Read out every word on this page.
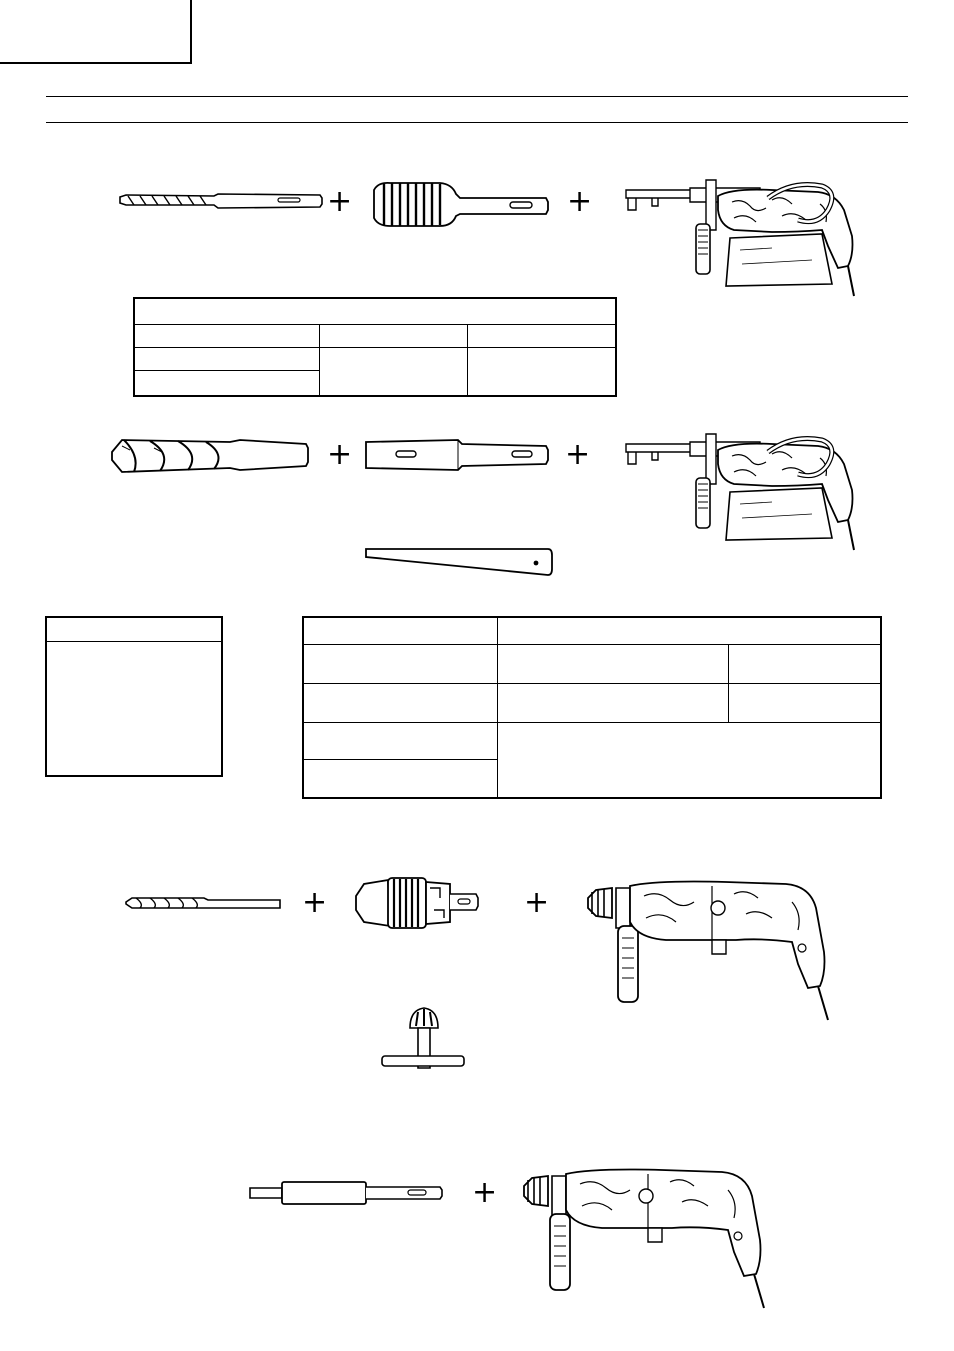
+	+
+	+
+	+
+
